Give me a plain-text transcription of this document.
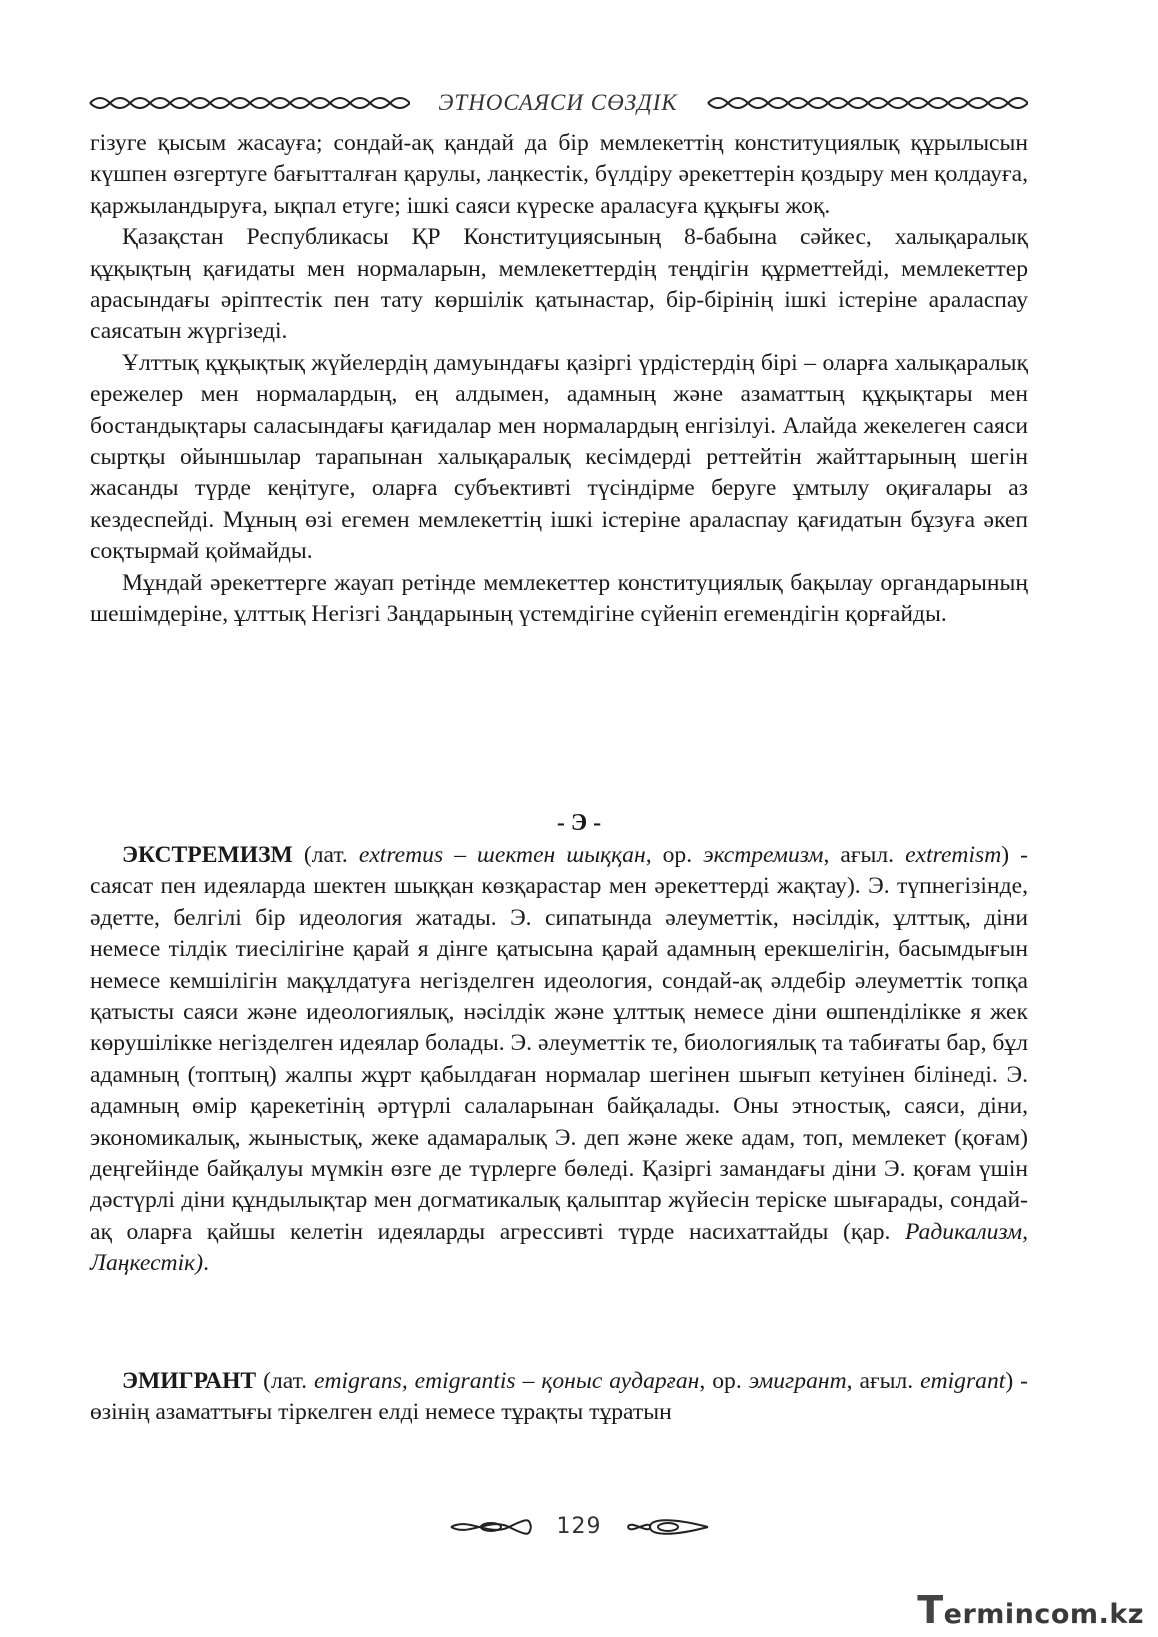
ЭТНОСАЯСИ СӨЗДІК

гізуге қысым жасауға; сондай-ақ қандай да бір мемлекеттің конституциялық құрылысын күшпен өзгертуге бағытталған қарулы, лаңкестік, бүлдіру әрекеттерін қоздыру мен қолдауға, қаржыландыруға, ықпал етуге; ішкі саяси күреске араласуға құқығы жоқ.

Қазақстан Республикасы ҚР Конституциясының 8-бабына сәйкес, халықаралық құқықтың қағидаты мен нормаларын, мемлекеттердің теңдігін құрметтейді, мемлекеттер арасындағы әріптестік пен тату көршілік қатынастар, бір-бірінің ішкі істеріне араласпау саясатын жүргізеді.

Ұлттық құқықтық жүйелердің дамуындағы қазіргі үрдістердің бірі – оларға халықаралық ережелер мен нормалардың, ең алдымен, адамның және азаматтың құқықтары мен бостандықтары саласындағы қағидалар мен нормалардың енгізілуі. Алайда жекелеген саяси сыртқы ойыншылар тарапынан халықаралық кесімдерді реттейтін жайттарының шегін жасанды түрде кеңітуге, оларға субъективті түсіндірме беруге ұмтылу оқиғалары аз кездеспейді. Мұның өзі егемен мемлекеттің ішкі істеріне араласпау қағидатын бұзуға әкеп соқтырмай қоймайды.

Мұндай әрекеттерге жауап ретінде мемлекеттер конституциялық бақылау органдарының шешімдеріне, ұлттық Негізгі Заңдарының үстемдігіне сүйеніп егемендігін қорғайды.

- Э -

ЭКСТРЕМИЗМ (лат. extremus – шектен шыққан, ор. экстремизм, ағыл. extremism) - саясат пен идеяларда шектен шыққан көзқарастар мен әрекеттерді жақтау). Э. түпнегізінде, әдетте, белгілі бір идеология жатады. Э. сипатында әлеуметтік, нәсілдік, ұлттық, діни немесе тілдік тиесілігіне қарай я дінге қатысына қарай адамның ерекшелігін, басымдығын немесе кемшілігін мақұлдатуға негізделген идеология, сондай-ақ әлдебір әлеуметтік топқа қатысты саяси және идеологиялық, нәсілдік және ұлттық немесе діни өшпенділікке я жек көрушілікке негізделген идеялар болады. Э. әлеуметтік те, биологиялық та табиғаты бар, бұл адамның (топтың) жалпы жұрт қабылдаған нормалар шегінен шығып кетуінен білінеді. Э. адамның өмір қарекетінің әртүрлі салаларынан байқалады. Оны этностық, саяси, діни, экономикалық, жыныстық, жеке адамаралық Э. деп және жеке адам, топ, мемлекет (қоғам) деңгейінде байқалуы мүмкін өзге де түрлерге бөледі. Қазіргі замандағы діни Э. қоғам үшін дәстүрлі діни құндылықтар мен догматикалық қалыптар жүйесін теріске шығарады, сондай-ақ оларға қайшы келетін идеяларды агрессивті түрде насихаттайды (қар. Радикализм, Лаңкестік).

ЭМИГРАНТ (лат. emigrans, emigrantis – қоныс аударған, ор. эмигрант, ағыл. emigrant) - өзінің азаматтығы тіркелген елді немесе тұрақты тұратын

129
Termincom.kz
